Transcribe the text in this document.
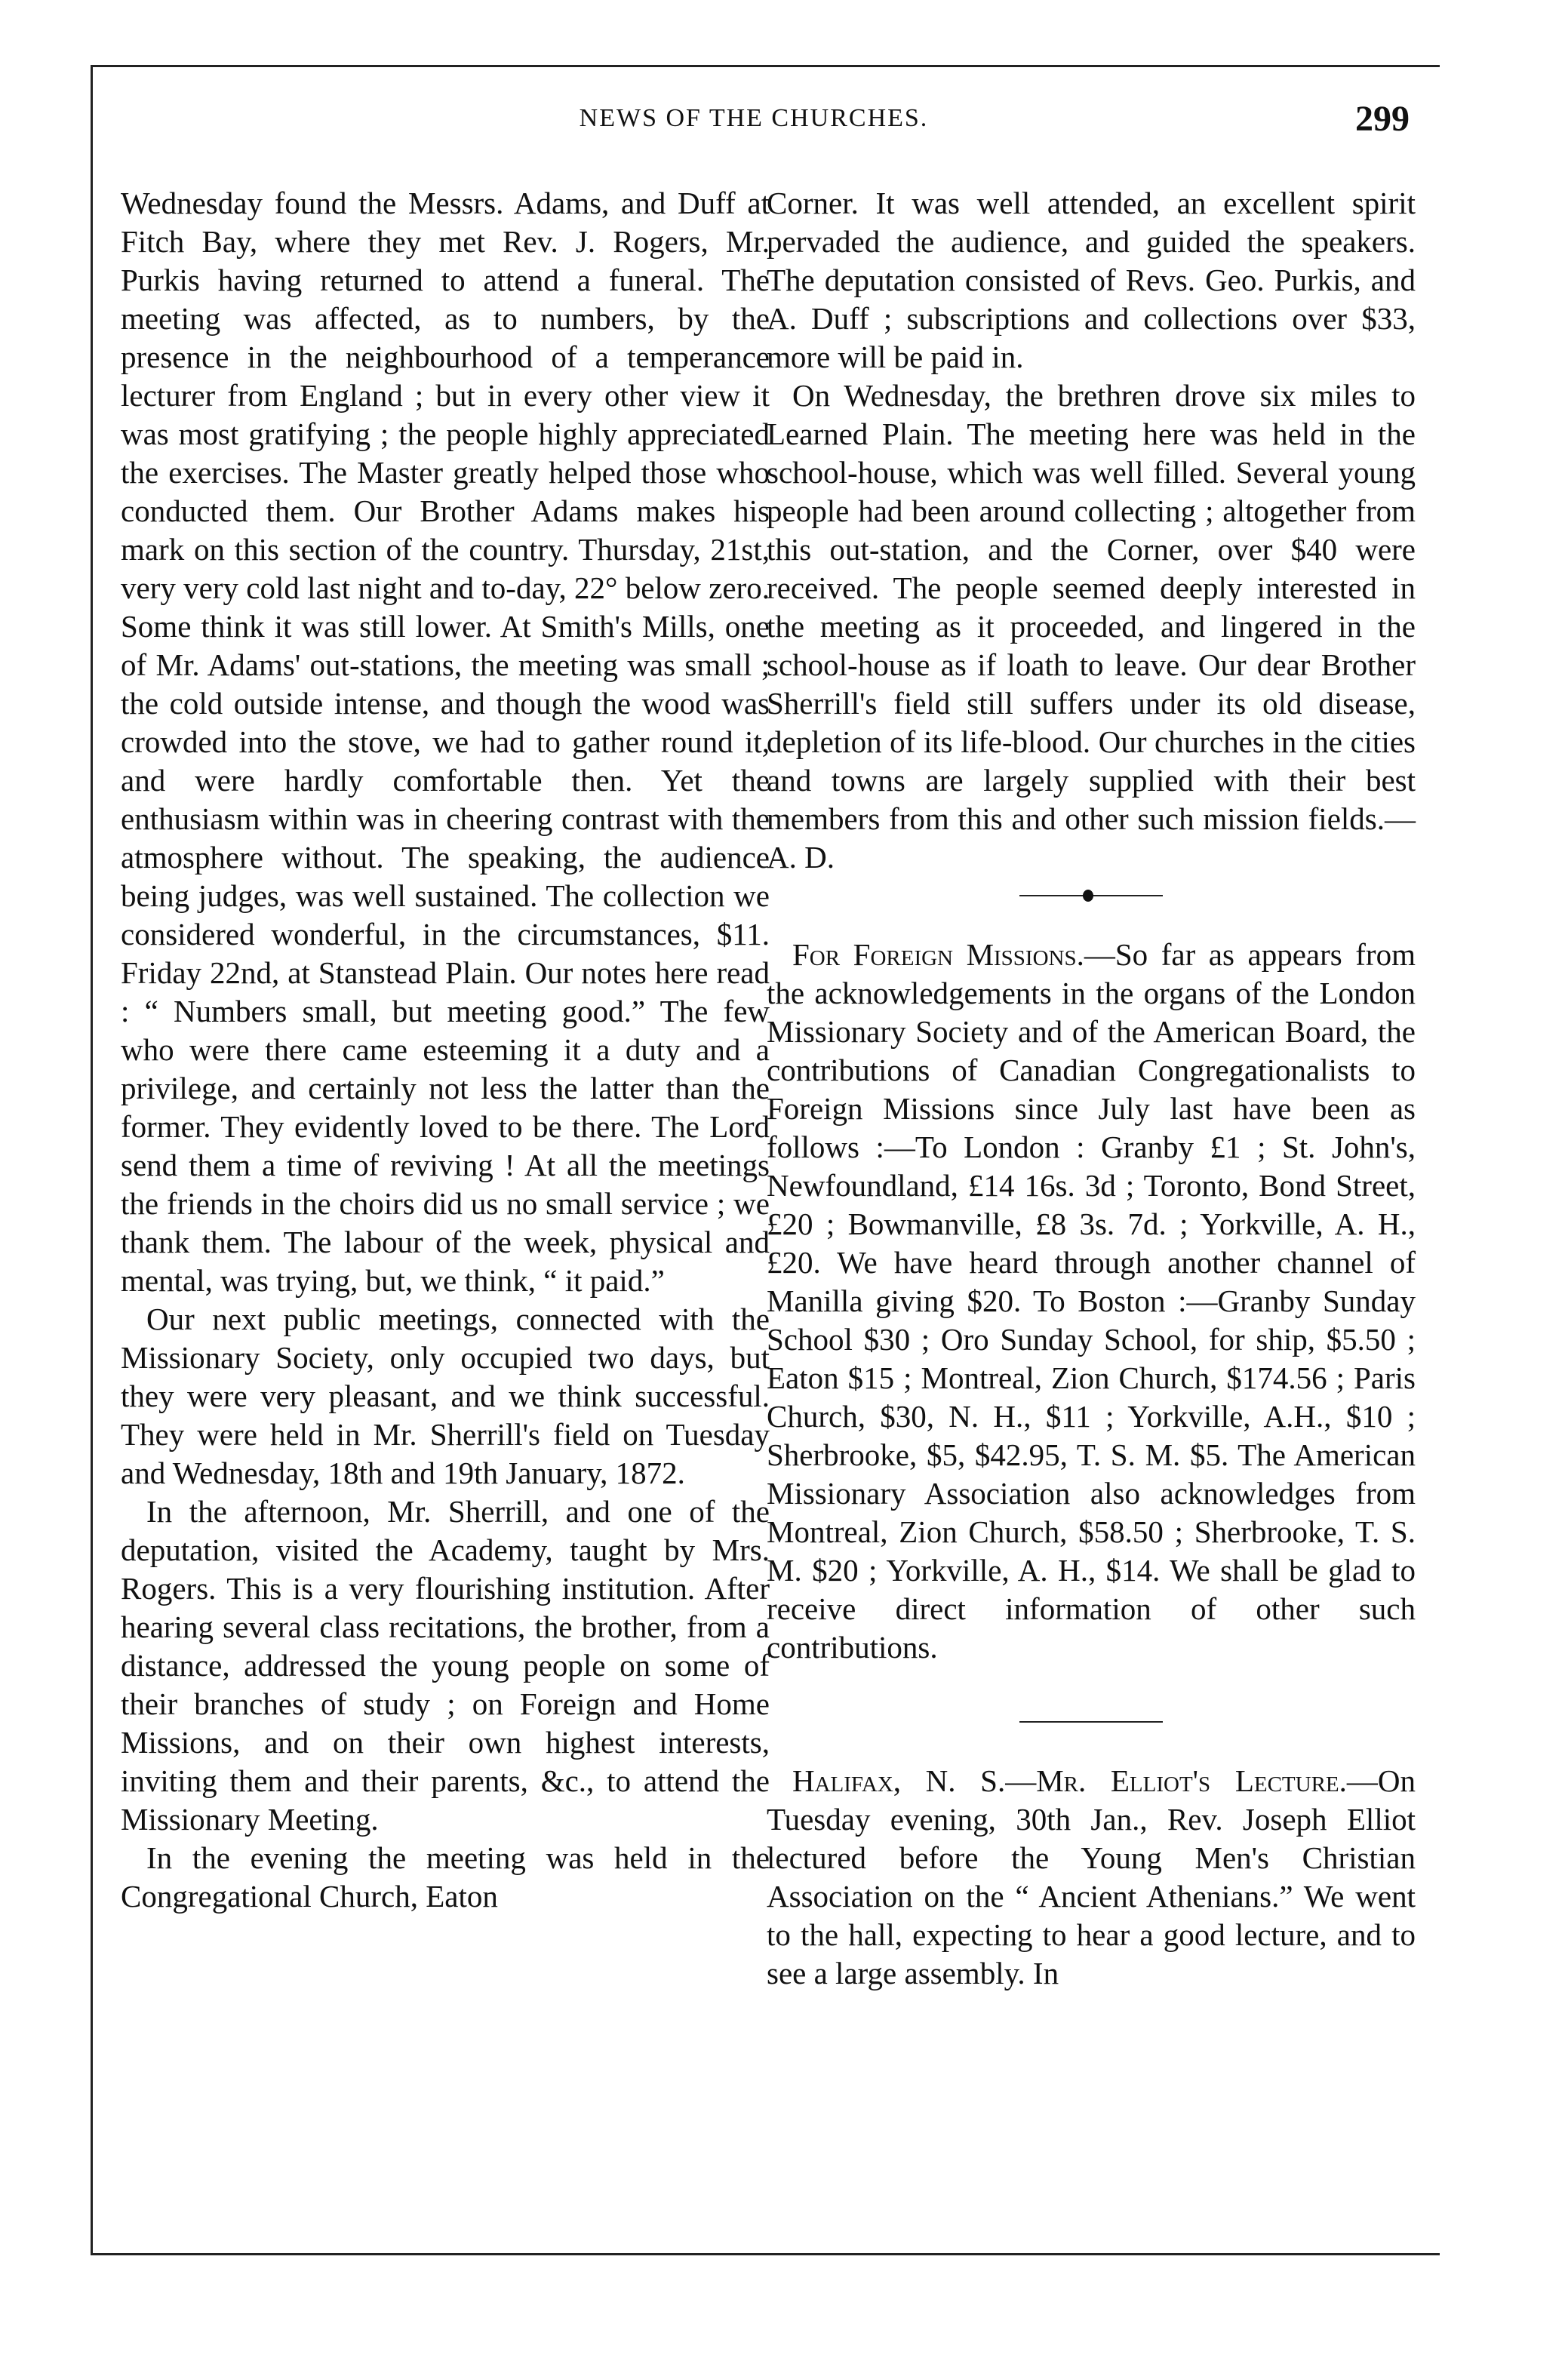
NEWS OF THE CHURCHES.	299

Wednesday found the Messrs. Adams, and Duff at Fitch Bay, where they met Rev. J. Rogers, Mr. Purkis having returned to attend a funeral. The meeting was affected, as to numbers, by the presence in the neighbourhood of a temperance lecturer from England ; but in every other view it was most gratifying ; the people highly appreciated the exercises. The Master greatly helped those who conducted them. Our Brother Adams makes his mark on this section of the country. Thursday, 21st, very very cold last night and to-day, 22° below zero. Some think it was still lower. At Smith's Mills, one of Mr. Adams' out-stations, the meeting was small ; the cold outside intense, and though the wood was crowded into the stove, we had to gather round it, and were hardly comfortable then. Yet the enthusiasm within was in cheering contrast with the atmosphere without. The speaking, the audience being judges, was well sustained. The collection we considered wonderful, in the circumstances, $11. Friday 22nd, at Stanstead Plain. Our notes here read : “ Numbers small, but meeting good.” The few who were there came esteeming it a duty and a privilege, and certainly not less the latter than the former. They evidently loved to be there. The Lord send them a time of reviving ! At all the meetings the friends in the choirs did us no small service ; we thank them. The labour of the week, physical and mental, was trying, but, we think, “ it paid.”

Our next public meetings, connected with the Missionary Society, only occupied two days, but they were very pleasant, and we think successful. They were held in Mr. Sherrill's field on Tuesday and Wednesday, 18th and 19th January, 1872.

In the afternoon, Mr. Sherrill, and one of the deputation, visited the Academy, taught by Mrs. Rogers. This is a very flourishing institution. After hearing several class recitations, the brother, from a distance, addressed the young people on some of their branches of study ; on Foreign and Home Missions, and on their own highest interests, inviting them and their parents, &c., to attend the Missionary Meeting.

In the evening the meeting was held in the Congregational Church, Eaton

Corner. It was well attended, an excellent spirit pervaded the audience, and guided the speakers. The deputation consisted of Revs. Geo. Purkis, and A. Duff ; subscriptions and collections over $33, more will be paid in.

On Wednesday, the brethren drove six miles to Learned Plain. The meeting here was held in the school-house, which was well filled. Several young people had been around collecting ; altogether from this out-station, and the Corner, over $40 were received. The people seemed deeply interested in the meeting as it proceeded, and lingered in the school-house as if loath to leave. Our dear Brother Sherrill's field still suffers under its old disease, depletion of its life-blood. Our churches in the cities and towns are largely supplied with their best members from this and other such mission fields.—A. D.

For Foreign Missions.—So far as appears from the acknowledgements in the organs of the London Missionary Society and of the American Board, the contributions of Canadian Congregationalists to Foreign Missions since July last have been as follows :—To London : Granby £1 ; St. John's, Newfoundland, £14 16s. 3d ; Toronto, Bond Street, £20 ; Bowmanville, £8 3s. 7d. ; Yorkville, A. H., £20. We have heard through another channel of Manilla giving $20. To Boston :—Granby Sunday School $30 ; Oro Sunday School, for ship, $5.50 ; Eaton $15 ; Montreal, Zion Church, $174.56 ; Paris Church, $30, N. H., $11 ; Yorkville, A.H., $10 ; Sherbrooke, $5, $42.95, T. S. M. $5. The American Missionary Association also acknowledges from Montreal, Zion Church, $58.50 ; Sherbrooke, T. S. M. $20 ; Yorkville, A. H., $14. We shall be glad to receive direct information of other such contributions.

Halifax, N. S.—Mr. Elliot's Lecture.—On Tuesday evening, 30th Jan., Rev. Joseph Elliot lectured before the Young Men's Christian Association on the “ Ancient Athenians.” We went to the hall, expecting to hear a good lecture, and to see a large assembly. In
